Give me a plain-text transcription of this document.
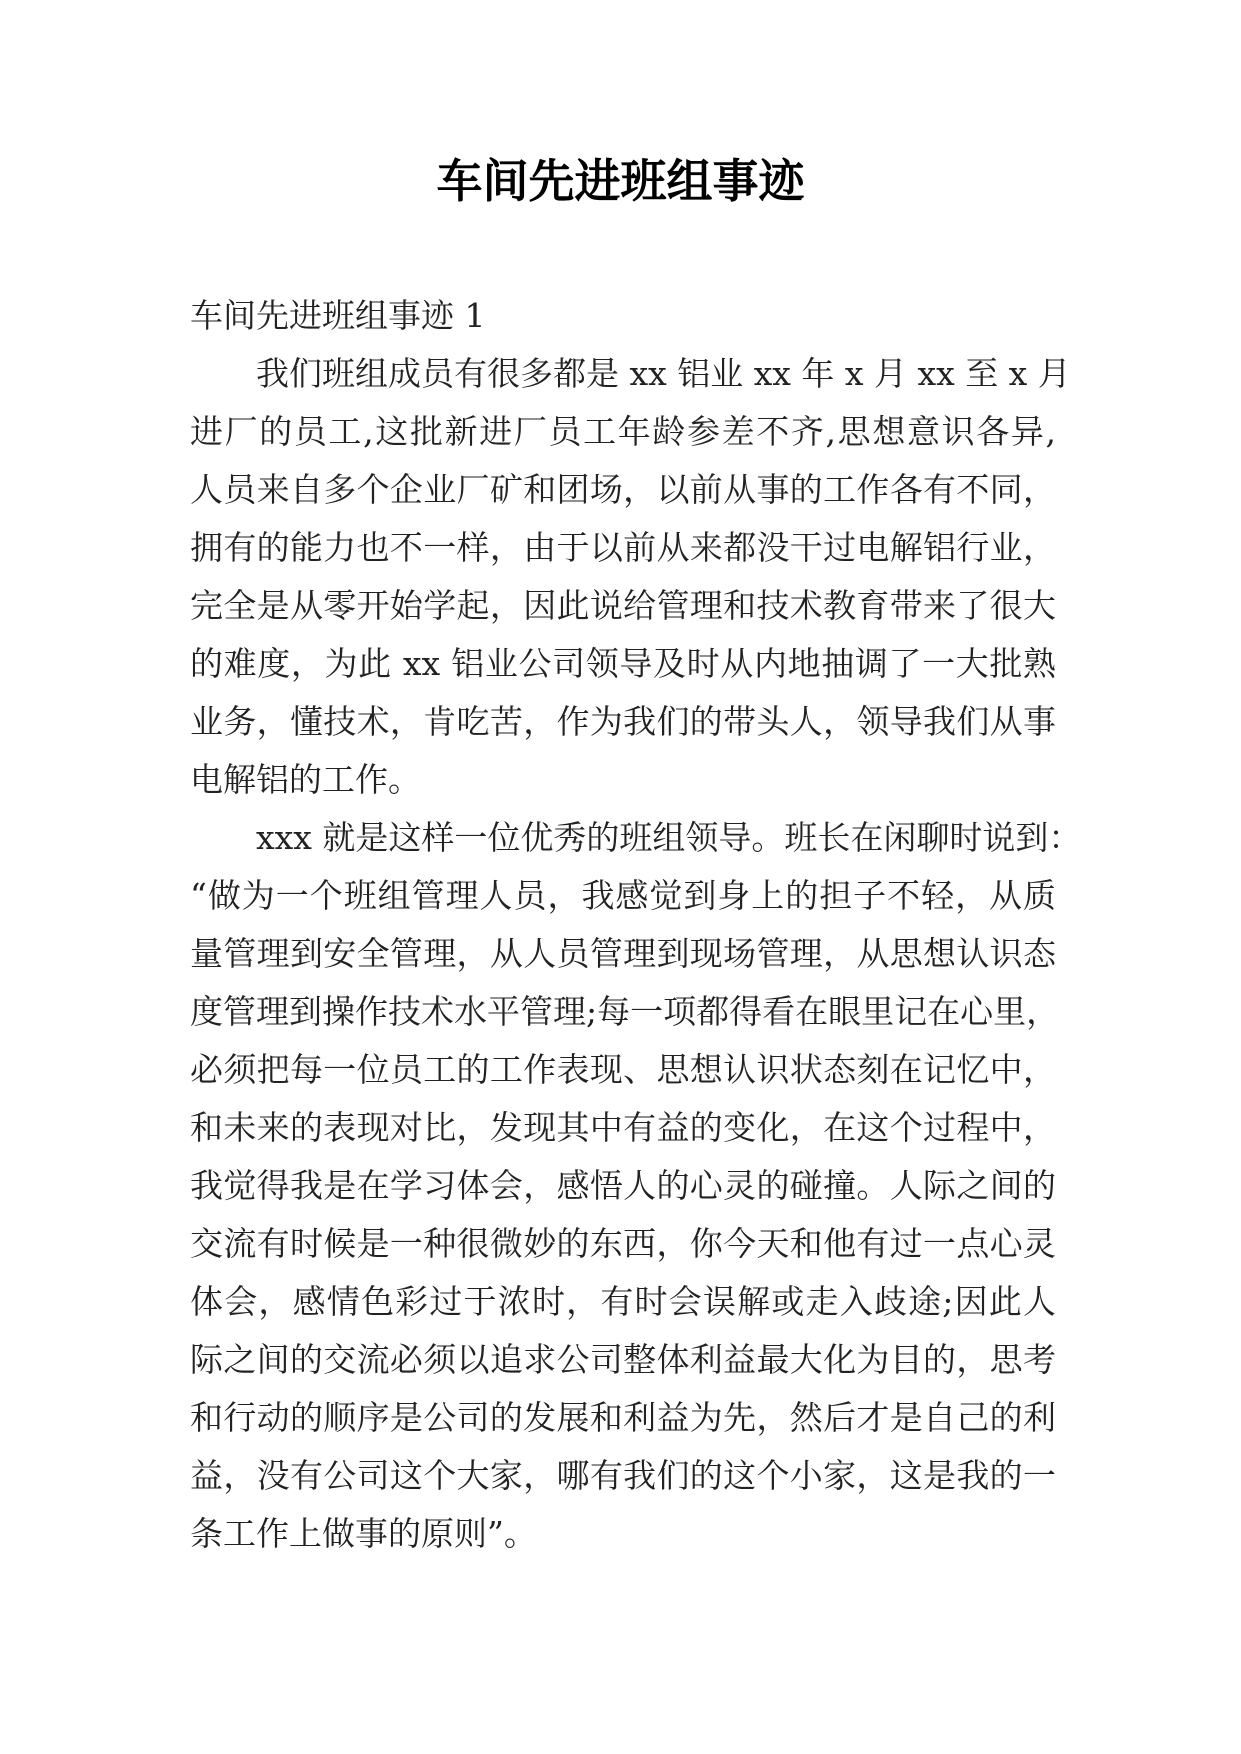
车间先进班组事迹
车间先进班组事迹 1
我们班组成员有很多都是 xx 铝业 xx 年 x 月 xx 至 x 月
进厂的员工,这批新进厂员工年龄参差不齐,思想意识各异,
人员来自多个企业厂矿和团场，以前从事的工作各有不同，
拥有的能力也不一样，由于以前从来都没干过电解铝行业，
完全是从零开始学起，因此说给管理和技术教育带来了很大
的难度，为此 xx 铝业公司领导及时从内地抽调了一大批熟
业务，懂技术，肯吃苦，作为我们的带头人，领导我们从事
电解铝的工作。
xxx 就是这样一位优秀的班组领导。班长在闲聊时说到：
“做为一个班组管理人员，我感觉到身上的担子不轻，从质
量管理到安全管理，从人员管理到现场管理，从思想认识态
度管理到操作技术水平管理;每一项都得看在眼里记在心里，
必须把每一位员工的工作表现、思想认识状态刻在记忆中，
和未来的表现对比，发现其中有益的变化，在这个过程中，
我觉得我是在学习体会，感悟人的心灵的碰撞。人际之间的
交流有时候是一种很微妙的东西，你今天和他有过一点心灵
体会，感情色彩过于浓时，有时会误解或走入歧途;因此人
际之间的交流必须以追求公司整体利益最大化为目的，思考
和行动的顺序是公司的发展和利益为先，然后才是自己的利
益，没有公司这个大家，哪有我们的这个小家，这是我的一
条工作上做事的原则”。
